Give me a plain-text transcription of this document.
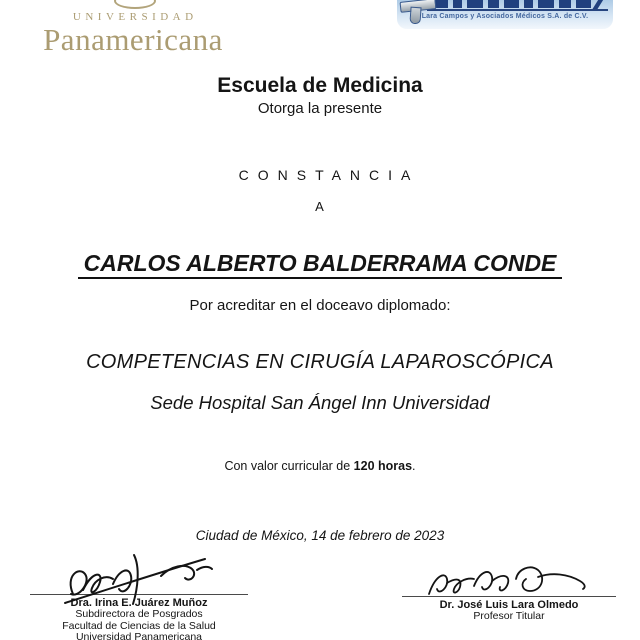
UNIVERSIDAD
Panamericana
Lara Campos y Asociados Médicos S.A. de C.V.
Escuela de Medicina
Otorga la presente
CONSTANCIA
A
CARLOS ALBERTO BALDERRAMA CONDE
Por acreditar en el doceavo diplomado:
COMPETENCIAS EN CIRUGÍA LAPAROSCÓPICA
Sede Hospital San Ángel Inn Universidad
Con valor curricular de 120 horas.
Ciudad de México, 14 de febrero de 2023
Dra. Irina E. Juárez Muñoz
Subdirectora de Posgrados
Facultad de Ciencias de la Salud
Universidad Panamericana
Dr. José Luis Lara Olmedo
Profesor Titular
